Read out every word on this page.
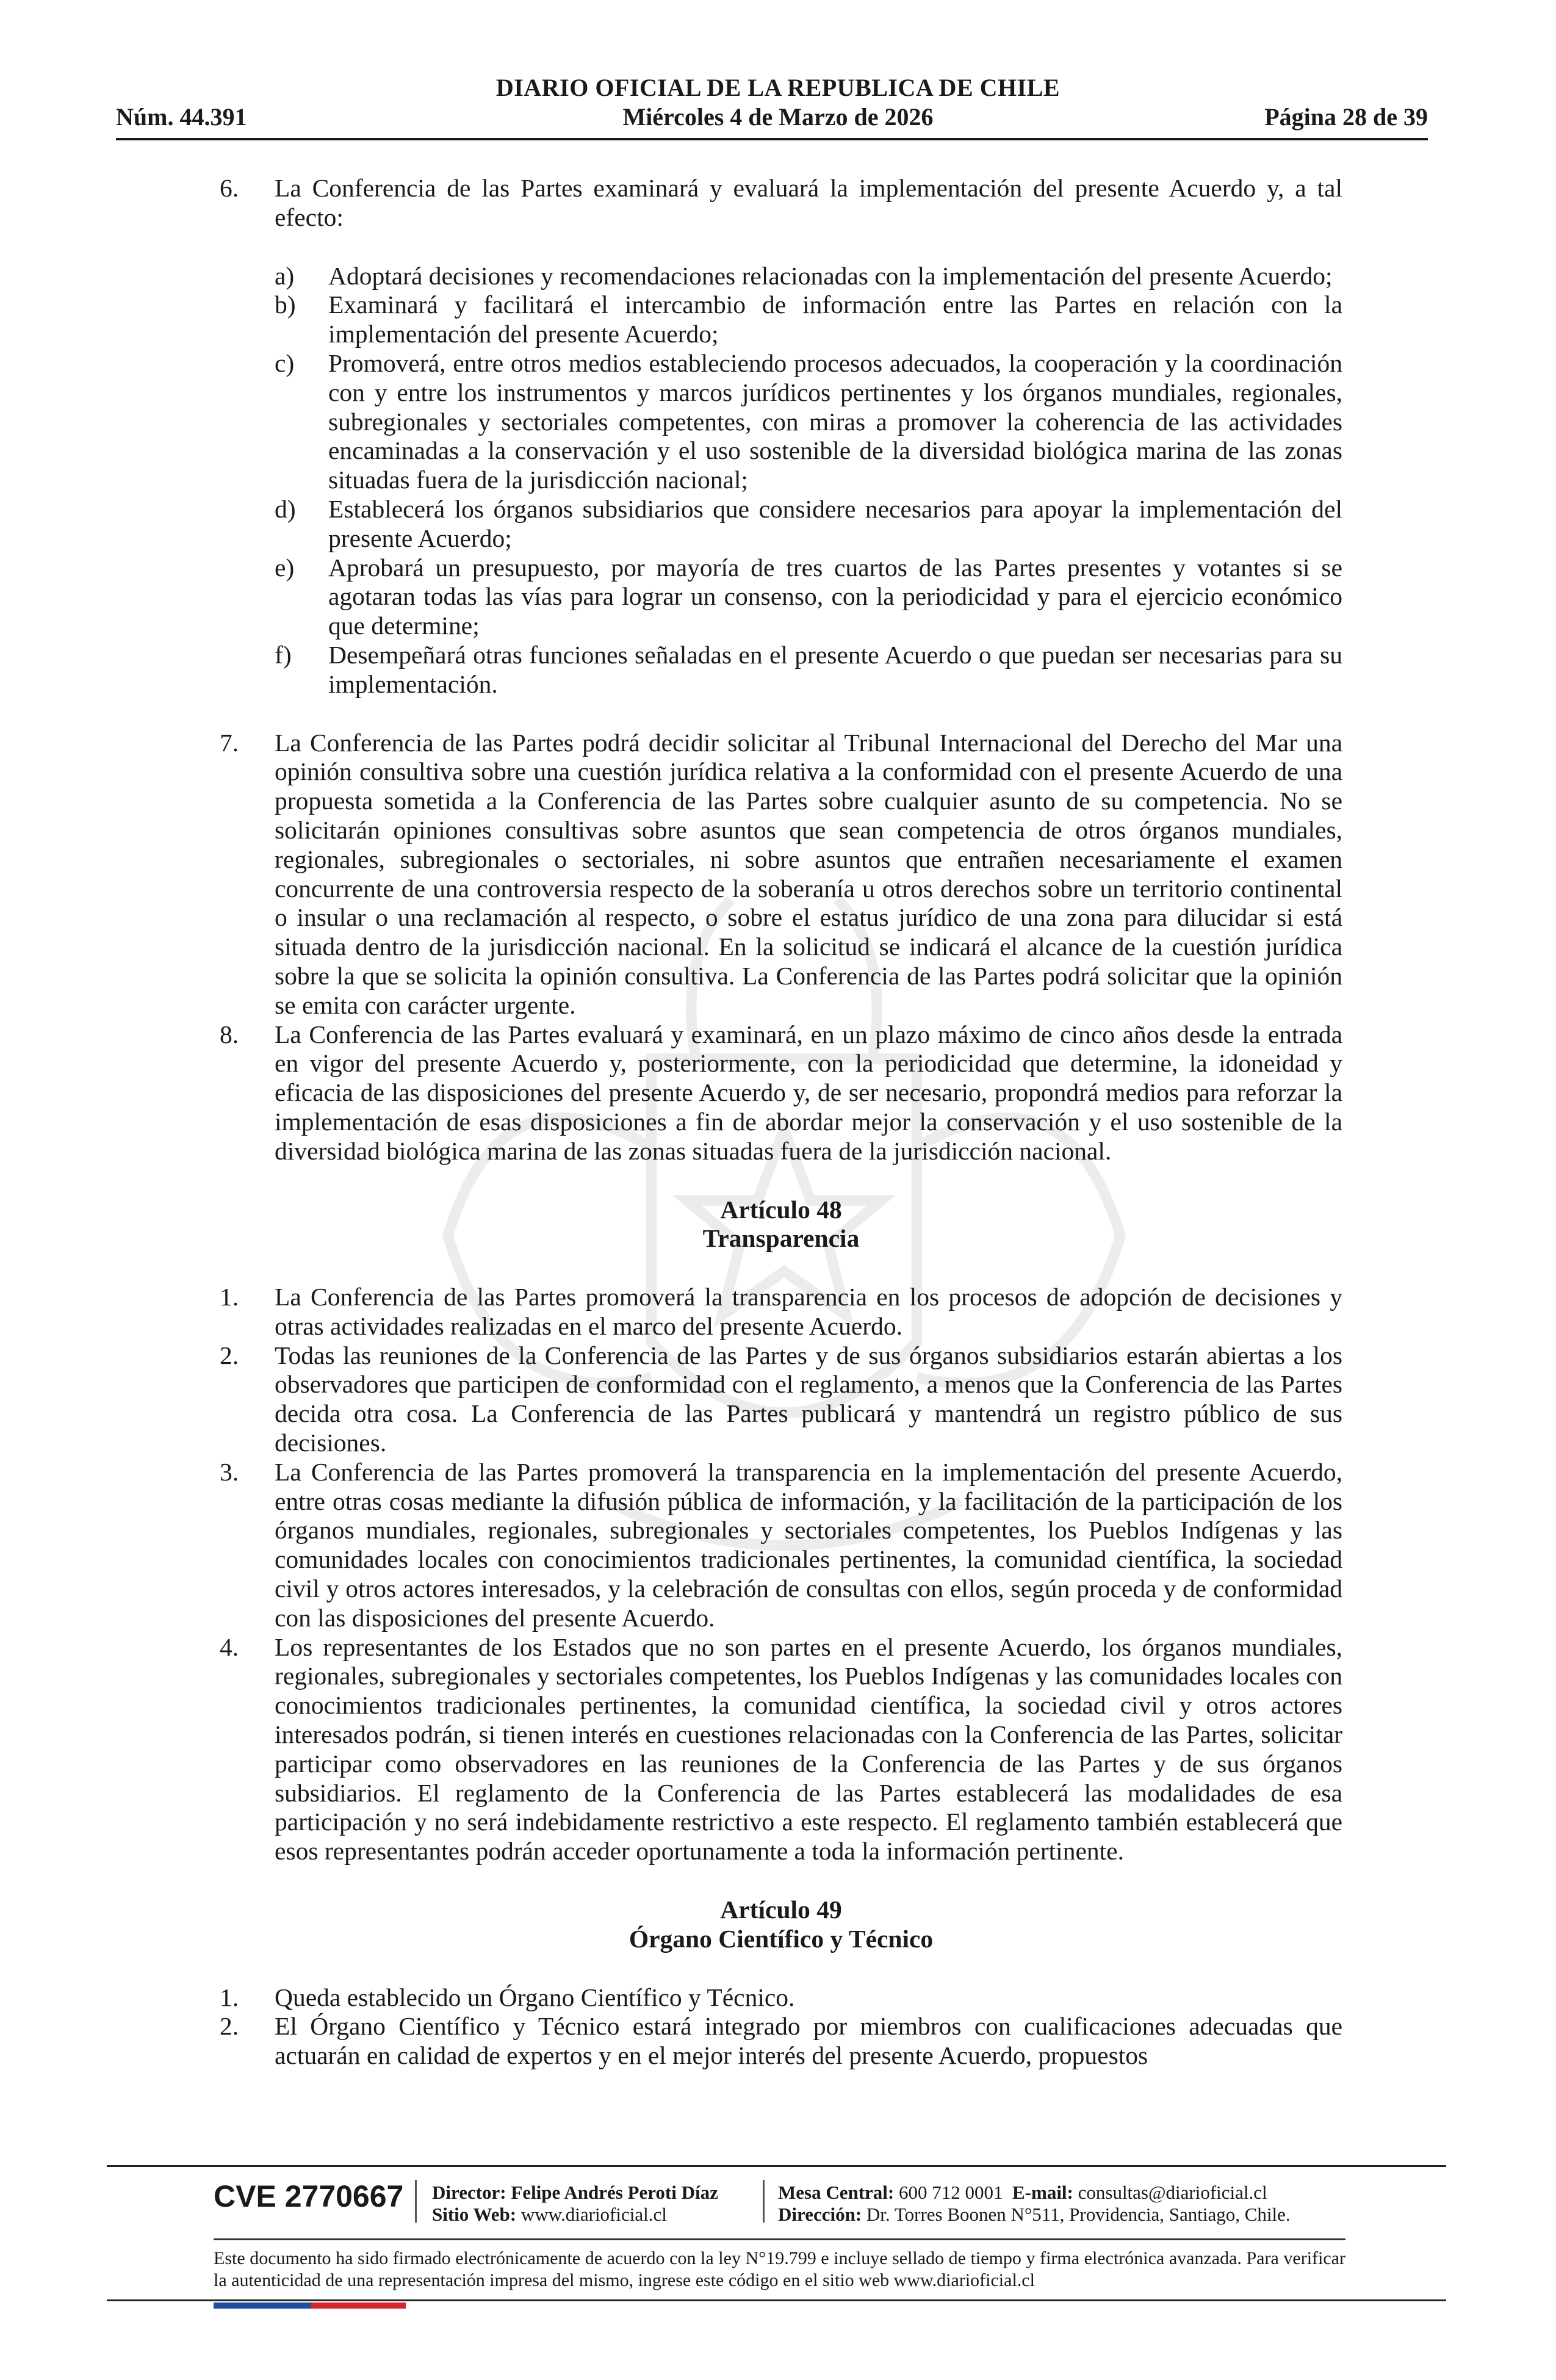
DIARIO OFICIAL DE LA REPUBLICA DE CHILE
Núm. 44.391	Miércoles 4 de Marzo de 2026	Página 28 de 39
6. La Conferencia de las Partes examinará y evaluará la implementación del presente Acuerdo y, a tal efecto:
a) Adoptará decisiones y recomendaciones relacionadas con la implementación del presente Acuerdo;
b) Examinará y facilitará el intercambio de información entre las Partes en relación con la implementación del presente Acuerdo;
c) Promoverá, entre otros medios estableciendo procesos adecuados, la cooperación y la coordinación con y entre los instrumentos y marcos jurídicos pertinentes y los órganos mundiales, regionales, subregionales y sectoriales competentes, con miras a promover la coherencia de las actividades encaminadas a la conservación y el uso sostenible de la diversidad biológica marina de las zonas situadas fuera de la jurisdicción nacional;
d) Establecerá los órganos subsidiarios que considere necesarios para apoyar la implementación del presente Acuerdo;
e) Aprobará un presupuesto, por mayoría de tres cuartos de las Partes presentes y votantes si se agotaran todas las vías para lograr un consenso, con la periodicidad y para el ejercicio económico que determine;
f) Desempeñará otras funciones señaladas en el presente Acuerdo o que puedan ser necesarias para su implementación.
7. La Conferencia de las Partes podrá decidir solicitar al Tribunal Internacional del Derecho del Mar una opinión consultiva sobre una cuestión jurídica relativa a la conformidad con el presente Acuerdo de una propuesta sometida a la Conferencia de las Partes sobre cualquier asunto de su competencia. No se solicitarán opiniones consultivas sobre asuntos que sean competencia de otros órganos mundiales, regionales, subregionales o sectoriales, ni sobre asuntos que entrañen necesariamente el examen concurrente de una controversia respecto de la soberanía u otros derechos sobre un territorio continental o insular o una reclamación al respecto, o sobre el estatus jurídico de una zona para dilucidar si está situada dentro de la jurisdicción nacional. En la solicitud se indicará el alcance de la cuestión jurídica sobre la que se solicita la opinión consultiva. La Conferencia de las Partes podrá solicitar que la opinión se emita con carácter urgente.
8. La Conferencia de las Partes evaluará y examinará, en un plazo máximo de cinco años desde la entrada en vigor del presente Acuerdo y, posteriormente, con la periodicidad que determine, la idoneidad y eficacia de las disposiciones del presente Acuerdo y, de ser necesario, propondrá medios para reforzar la implementación de esas disposiciones a fin de abordar mejor la conservación y el uso sostenible de la diversidad biológica marina de las zonas situadas fuera de la jurisdicción nacional.
Artículo 48
Transparencia
1. La Conferencia de las Partes promoverá la transparencia en los procesos de adopción de decisiones y otras actividades realizadas en el marco del presente Acuerdo.
2. Todas las reuniones de la Conferencia de las Partes y de sus órganos subsidiarios estarán abiertas a los observadores que participen de conformidad con el reglamento, a menos que la Conferencia de las Partes decida otra cosa. La Conferencia de las Partes publicará y mantendrá un registro público de sus decisiones.
3. La Conferencia de las Partes promoverá la transparencia en la implementación del presente Acuerdo, entre otras cosas mediante la difusión pública de información, y la facilitación de la participación de los órganos mundiales, regionales, subregionales y sectoriales competentes, los Pueblos Indígenas y las comunidades locales con conocimientos tradicionales pertinentes, la comunidad científica, la sociedad civil y otros actores interesados, y la celebración de consultas con ellos, según proceda y de conformidad con las disposiciones del presente Acuerdo.
4. Los representantes de los Estados que no son partes en el presente Acuerdo, los órganos mundiales, regionales, subregionales y sectoriales competentes, los Pueblos Indígenas y las comunidades locales con conocimientos tradicionales pertinentes, la comunidad científica, la sociedad civil y otros actores interesados podrán, si tienen interés en cuestiones relacionadas con la Conferencia de las Partes, solicitar participar como observadores en las reuniones de la Conferencia de las Partes y de sus órganos subsidiarios. El reglamento de la Conferencia de las Partes establecerá las modalidades de esa participación y no será indebidamente restrictivo a este respecto. El reglamento también establecerá que esos representantes podrán acceder oportunamente a toda la información pertinente.
Artículo 49
Órgano Científico y Técnico
1. Queda establecido un Órgano Científico y Técnico.
2. El Órgano Científico y Técnico estará integrado por miembros con cualificaciones adecuadas que actuarán en calidad de expertos y en el mejor interés del presente Acuerdo, propuestos
CVE 2770667 Director: Felipe Andrés Peroti Díaz
Sitio Web: www.diarioficial.cl
Mesa Central: 600 712 0001 E-mail: consultas@diarioficial.cl
Dirección: Dr. Torres Boonen N°511, Providencia, Santiago, Chile.
Este documento ha sido firmado electrónicamente de acuerdo con la ley N°19.799 e incluye sellado de tiempo y firma electrónica avanzada. Para verificar la autenticidad de una representación impresa del mismo, ingrese este código en el sitio web www.diarioficial.cl
